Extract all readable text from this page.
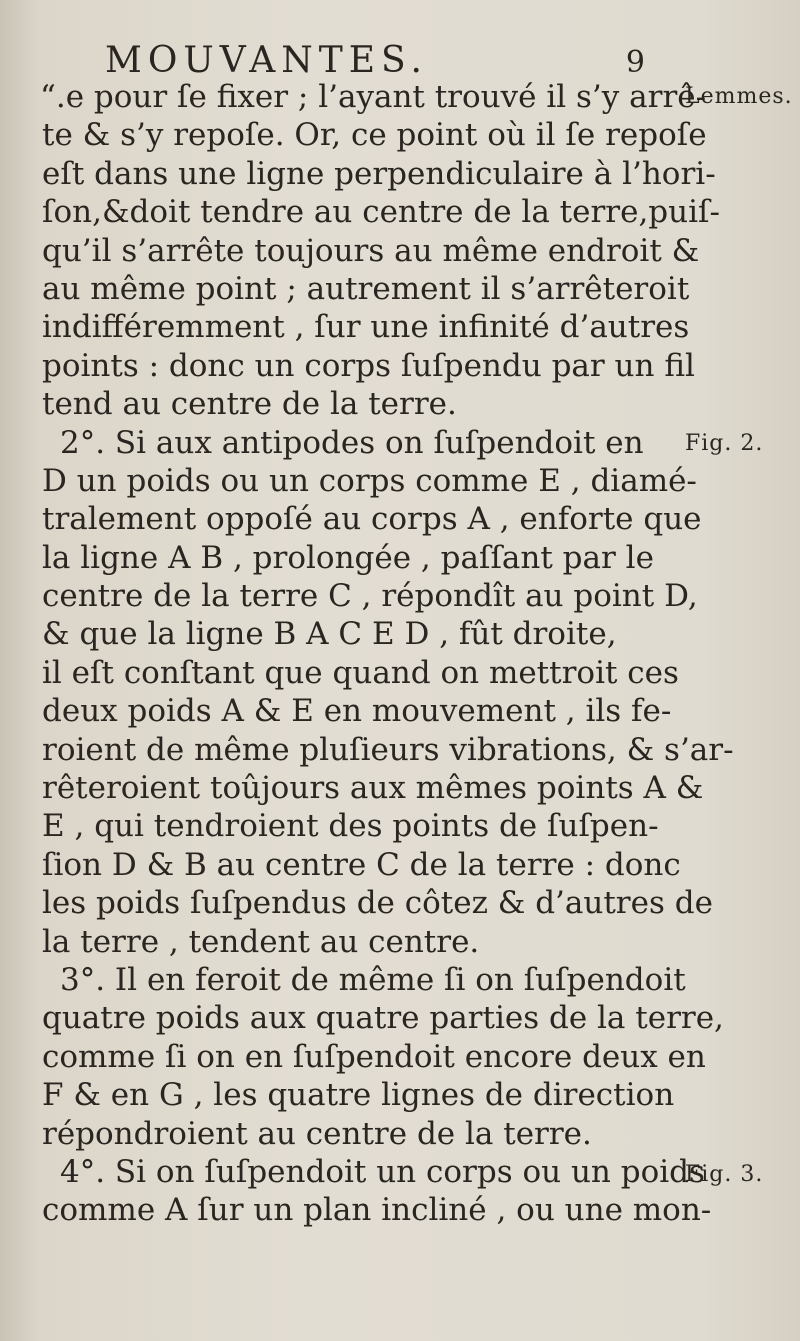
MOUVANTES.	9
“.e pour ſe fixer ; l’ayant trouvé il s’y arrê-
te & s’y repoſe. Or, ce point où il ſe repoſe
eſt dans une ligne perpendiculaire à l’hori-
ſon,&doit tendre au centre de la terre,puiſ-
qu’il s’arrête toujours au même endroit &
au même point ; autrement il s’arrêteroit
indifféremment , ſur une infinité d’autres
points : donc un corps ſuſpendu par un fil
tend au centre de la terre.
2°. Si aux antipodes on ſuſpendoit en
D un poids ou un corps comme E , diamé-
tralement oppoſé au corps A , enforte que
la ligne A B , prolongée , paſſant par le
centre de la terre C , répondît au point D,
& que la ligne B A C E D , fût droite,
il eſt conſtant que quand on mettroit ces
deux poids A & E en mouvement , ils fe-
roient de même pluſieurs vibrations, & s’ar-
rêteroient toûjours aux mêmes points A &
E , qui tendroient des points de ſuſpen-
ſion D & B au centre C de la terre : donc
les poids ſuſpendus de côtez & d’autres de
la terre , tendent au centre.
3°. Il en feroit de même ſi on ſuſpendoit
quatre poids aux quatre parties de la terre,
comme ſi on en ſuſpendoit encore deux en
F & en G , les quatre lignes de direction
répondroient au centre de la terre.
4°. Si on ſuſpendoit un corps ou un poids
comme A ſur un plan incliné , ou une mon-
Lemmes.
Fig. 2.
Fig. 3.
